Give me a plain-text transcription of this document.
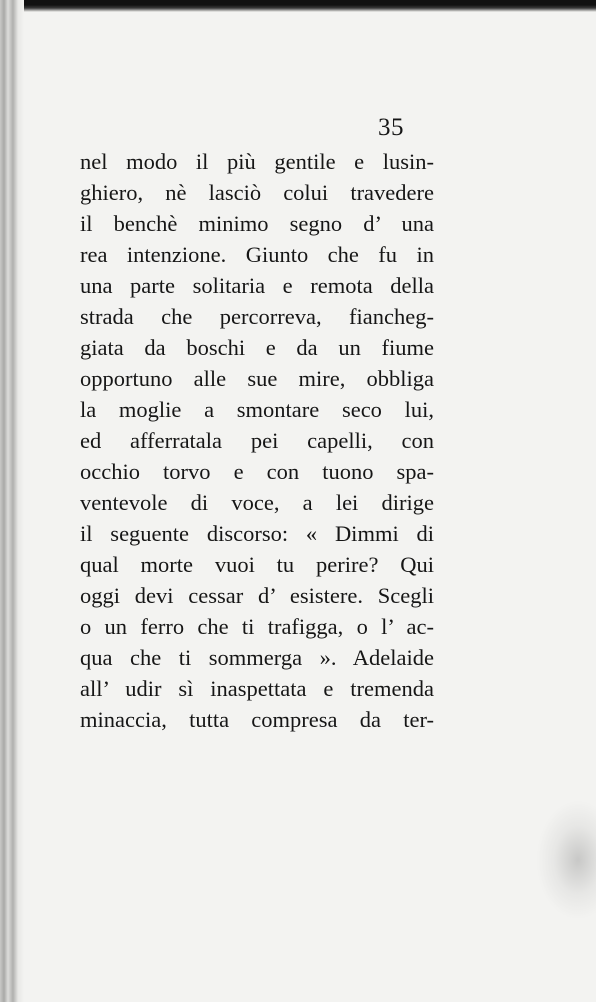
35
nel modo il più gentile e lusin-
ghiero, nè lasciò colui travedere
il benchè minimo segno d’ una
rea intenzione. Giunto che fu in
una parte solitaria e remota della
strada che percorreva, fiancheg-
giata da boschi e da un fiume
opportuno alle sue mire, obbliga
la moglie a smontare seco lui,
ed afferratala pei capelli, con
occhio torvo e con tuono spa-
ventevole di voce, a lei dirige
il seguente discorso: « Dimmi di
qual morte vuoi tu perire? Qui
oggi devi cessar d’ esistere. Scegli
o un ferro che ti trafigga, o l’ ac-
qua che ti sommerga ». Adelaide
all’ udir sì inaspettata e tremenda
minaccia, tutta compresa da ter-
